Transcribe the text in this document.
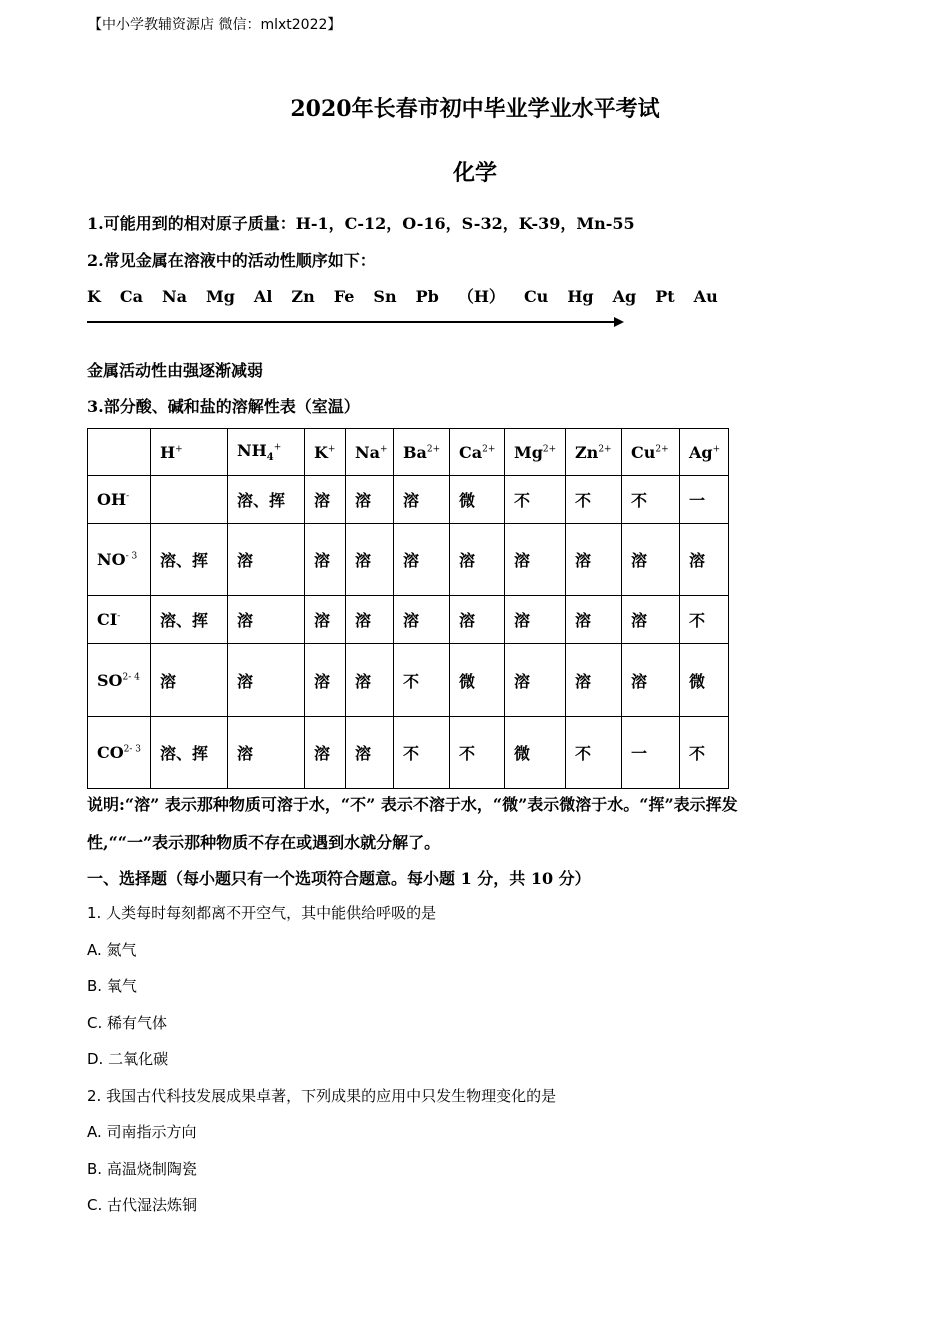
【中小学教辅资源店 微信：mlxt2022】
2020年长春市初中毕业学业水平考试
化学
1.可能用到的相对原子质量：H-1，C-12，O-16，S-32，K-39，Mn-55
2.常见金属在溶液中的活动性顺序如下：
K Ca Na Mg Al Zn Fe Sn Pb （H） Cu Hg Ag Pt Au
金属活动性由强逐渐减弱
3.部分酸、碱和盐的溶解性表（室温）
	H+	$NH_4^+$	K+	Na+	$Ba^{2+}$	$Ca^{2+}$	$Mg^{2+}$	$Zn^{2+}$	$Cu^{2+}$	Ag+
OH-		溶、挥	溶	溶	溶	微	不	不	不	一
$NO^{- 3}$	溶、挥	溶	溶	溶	溶	溶	溶	溶	溶	溶
CI-	溶、挥	溶	溶	溶	溶	溶	溶	溶	溶	不
SO$^{2- 4}$	溶	溶	溶	溶	不	微	溶	溶	溶	微
CO$^{2- 3}$	溶、挥	溶	溶	溶	不	不	微	不	一	不
说明:“溶” 表示那种物质可溶于水，“不” 表示不溶于水，“微”表示微溶于水。“挥”表示挥发
性,““一”表示那种物质不存在或遇到水就分解了。
一、选择题（每小题只有一个选项符合题意。每小题 1 分，共 10 分）
1. 人类每时每刻都离不开空气，其中能供给呼吸的是
A. 氮气
B. 氧气
C. 稀有气体
D. 二氧化碳
2. 我国古代科技发展成果卓著，下列成果的应用中只发生物理变化的是
A. 司南指示方向
B. 高温烧制陶瓷
C. 古代湿法炼铜
